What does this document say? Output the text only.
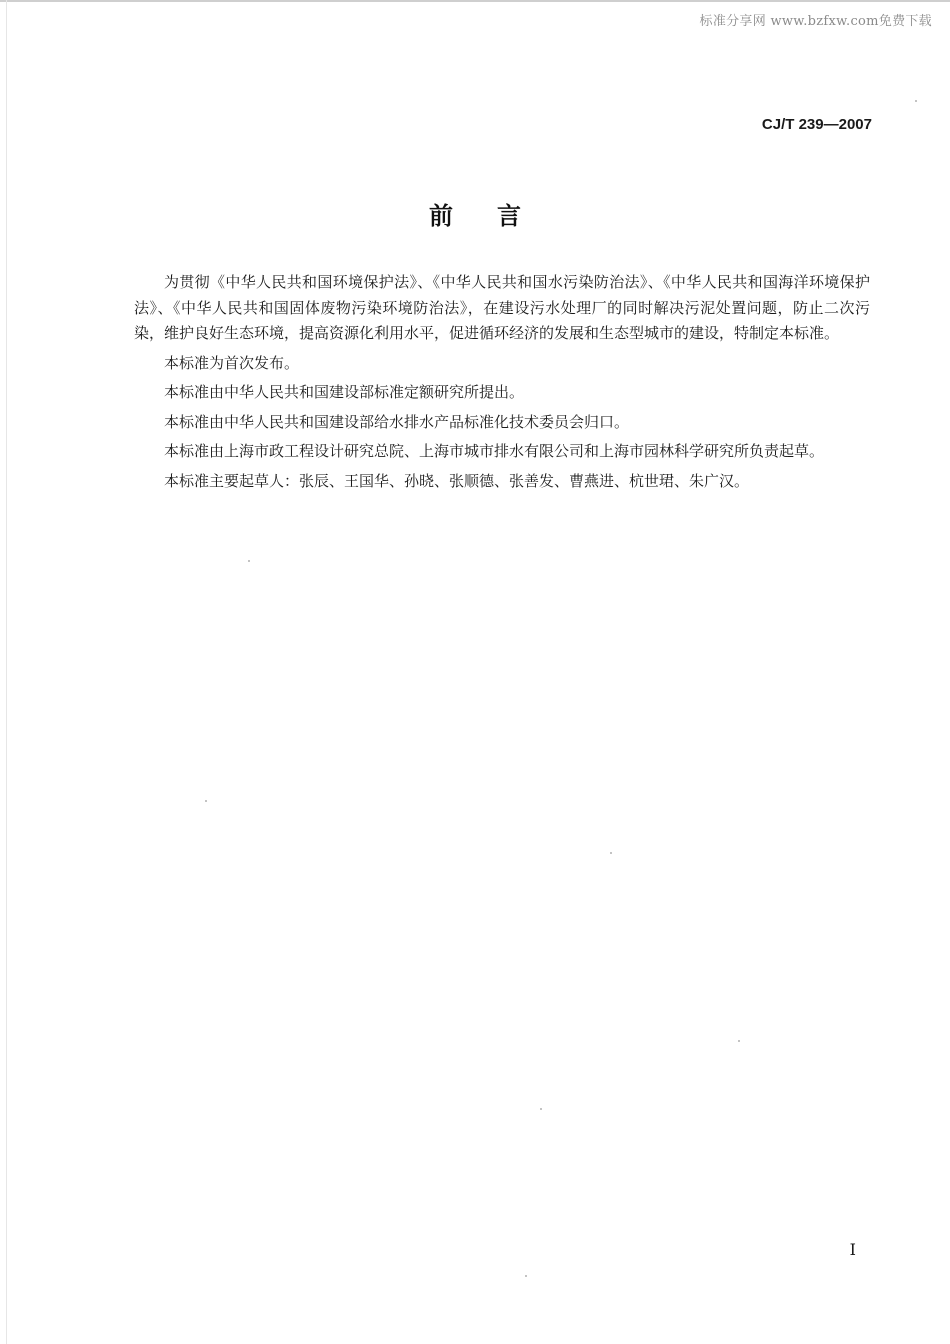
标准分享网 www.bzfxw.com免费下载
CJ/T 239—2007
前言

为贯彻《中华人民共和国环境保护法》、《中华人民共和国水污染防治法》、《中华人民共和国海洋环境保护法》、《中华人民共和国固体废物污染环境防治法》，在建设污水处理厂的同时解决污泥处置问题，防止二次污染，维护良好生态环境，提高资源化利用水平，促进循环经济的发展和生态型城市的建设，特制定本标准。

本标准为首次发布。

本标准由中华人民共和国建设部标准定额研究所提出。

本标准由中华人民共和国建设部给水排水产品标准化技术委员会归口。

本标准由上海市政工程设计研究总院、上海市城市排水有限公司和上海市园林科学研究所负责起草。

本标准主要起草人：张辰、王国华、孙晓、张顺德、张善发、曹燕进、杭世珺、朱广汉。

I
